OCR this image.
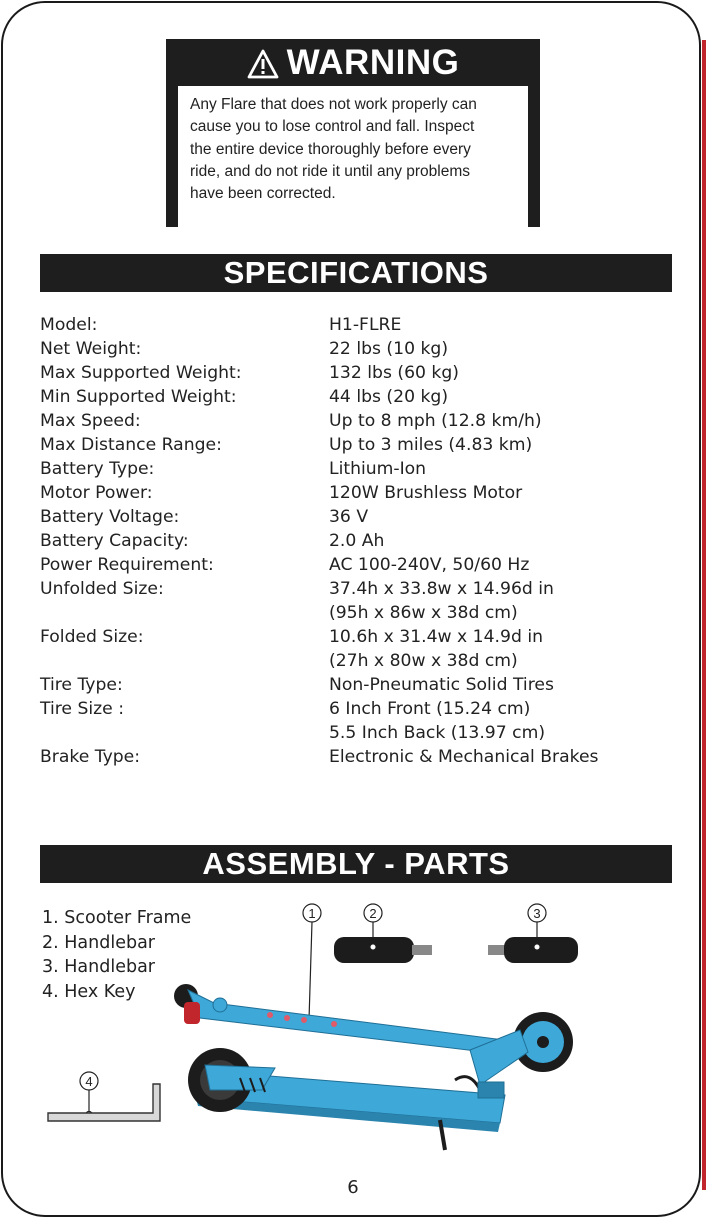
WARNING

Any Flare that does not work properly can
cause you to lose control and fall. Inspect
the entire device thoroughly before every
ride, and do not ride it until any problems
have been corrected.

SPECIFICATIONS
Model:	H1-FLRE
Net Weight:	22 lbs (10 kg)
Max Supported Weight:	132 lbs (60 kg)
Min Supported Weight:	44 lbs (20 kg)
Max Speed:	Up to 8 mph (12.8 km/h)
Max Distance Range:	Up to 3 miles (4.83 km)
Battery Type:	Lithium-Ion
Motor Power:	120W Brushless Motor
Battery Voltage:	36 V
Battery Capacity:	2.0 Ah
Power Requirement:	AC 100-240V, 50/60 Hz
Unfolded Size:	37.4h x 33.8w x 14.96d in
(95h x 86w x 38d cm)
Folded Size:	10.6h x 31.4w x 14.9d in
(27h x 80w x 38d cm)
Tire Type:	Non-Pneumatic Solid Tires
Tire Size :	6 Inch Front (15.24 cm)
5.5 Inch Back (13.97 cm)
Brake Type:	Electronic & Mechanical Brakes
ASSEMBLY - PARTS
1. Scooter Frame
2. Handlebar
3. Handlebar
4. Hex Key
1	2	3
4
6
